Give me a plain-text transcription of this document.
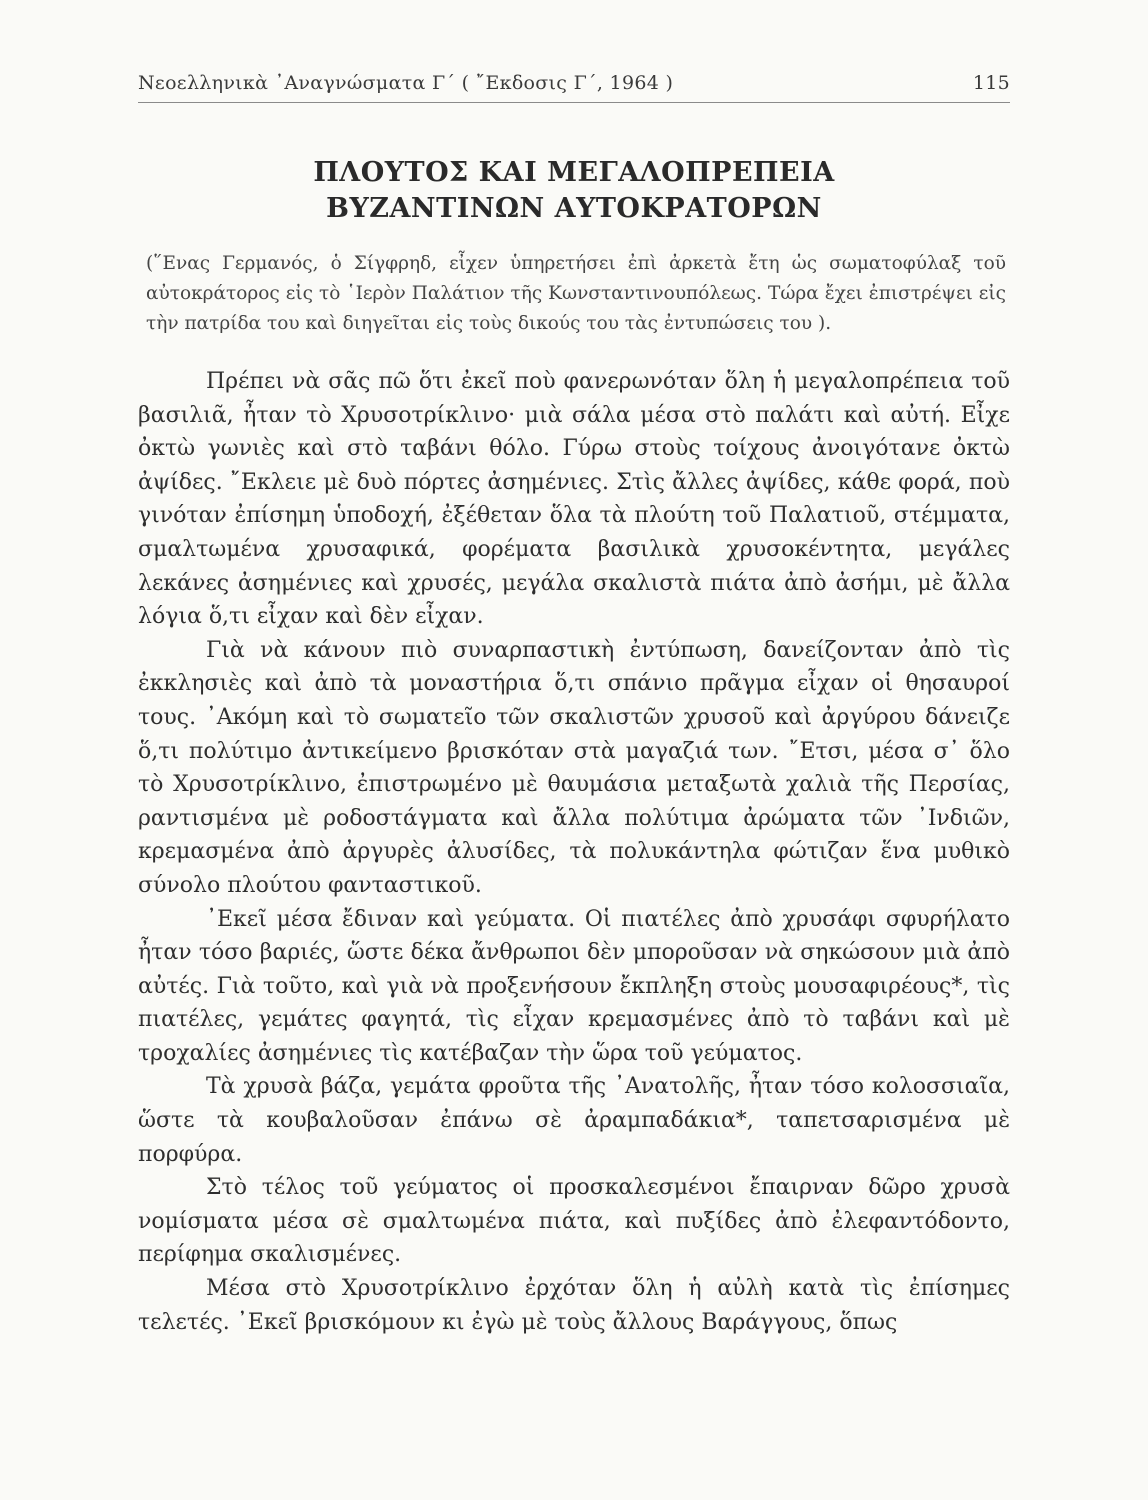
Νεοελληνικὰ ᾿Αναγνώσματα Γ΄ ( ῎Εκδοσις Γ΄, 1964 )	115
ΠΛΟΥΤΟΣ ΚΑΙ ΜΕΓΑΛΟΠΡΕΠΕΙΑ
ΒΥΖΑΝΤΙΝΩΝ ΑΥΤΟΚΡΑΤΟΡΩΝ
(῞Ενας Γερμανός, ὁ Σίγφρηδ, εἶχεν ὑπηρετήσει ἐπὶ ἀρκετὰ ἔτη ὡς σωματοφύλαξ τοῦ αὐτοκράτορος εἰς τὸ ῾Ιερὸν Παλάτιον τῆς Κωνσταντινουπόλεως. Τώρα ἔχει ἐπιστρέψει εἰς τὴν πατρίδα του καὶ διηγεῖται εἰς τοὺς δικούς του τὰς ἐντυπώσεις του ).

Πρέπει νὰ σᾶς πῶ ὅτι ἐκεῖ ποὺ φανερωνόταν ὅλη ἡ μεγαλοπρέπεια τοῦ βασιλιᾶ, ἦταν τὸ Χρυσοτρίκλινο· μιὰ σάλα μέσα στὸ παλάτι καὶ αὐτή. Εἶχε ὀκτὼ γωνιὲς καὶ στὸ ταβάνι θόλο. Γύρω στοὺς τοίχους ἀνοιγότανε ὀκτὼ ἀψίδες. ῎Εκλειε μὲ δυὸ πόρτες ἀσημένιες. Στὶς ἄλλες ἀψίδες, κάθε φορά, ποὺ γινόταν ἐπίσημη ὑποδοχή, ἐξέθεταν ὅλα τὰ πλούτη τοῦ Παλατιοῦ, στέμματα, σμαλτωμένα χρυσαφικά, φορέματα βασιλικὰ χρυσοκέντητα, μεγάλες λεκάνες ἀσημένιες καὶ χρυσές, μεγάλα σκαλιστὰ πιάτα ἀπὸ ἀσήμι, μὲ ἄλλα λόγια ὅ,τι εἶχαν καὶ δὲν εἶχαν.

Γιὰ νὰ κάνουν πιὸ συναρπαστικὴ ἐντύπωση, δανείζονταν ἀπὸ τὶς ἐκκλησιὲς καὶ ἀπὸ τὰ μοναστήρια ὅ,τι σπάνιο πρᾶγμα εἶχαν οἱ θησαυροί τους. ᾿Ακόμη καὶ τὸ σωματεῖο τῶν σκαλιστῶν χρυσοῦ καὶ ἀργύρου δάνειζε ὅ,τι πολύτιμο ἀντικείμενο βρισκόταν στὰ μαγαζιά των. ῎Ετσι, μέσα σ᾿ ὅλο τὸ Χρυσοτρίκλινο, ἐπιστρωμένο μὲ θαυμάσια μεταξωτὰ χαλιὰ τῆς Περσίας, ραντισμένα μὲ ροδοστάγματα καὶ ἄλλα πολύτιμα ἀρώματα τῶν ᾿Ινδιῶν, κρεμασμένα ἀπὸ ἀργυρὲς ἀλυσίδες, τὰ πολυκάντηλα φώτιζαν ἕνα μυθικὸ σύνολο πλούτου φανταστικοῦ.

᾿Εκεῖ μέσα ἔδιναν καὶ γεύματα. Οἱ πιατέλες ἀπὸ χρυσάφι σφυρήλατο ἦταν τόσο βαριές, ὥστε δέκα ἄνθρωποι δὲν μποροῦσαν νὰ σηκώσουν μιὰ ἀπὸ αὐτές. Γιὰ τοῦτο, καὶ γιὰ νὰ προξενήσουν ἔκπληξη στοὺς μουσαφιρέους*, τὶς πιατέλες, γεμάτες φαγητά, τὶς εἶχαν κρεμασμένες ἀπὸ τὸ ταβάνι καὶ μὲ τροχαλίες ἀσημένιες τὶς κατέβαζαν τὴν ὥρα τοῦ γεύματος.

Τὰ χρυσὰ βάζα, γεμάτα φροῦτα τῆς ᾿Ανατολῆς, ἦταν τόσο κολοσσιαῖα, ὥστε τὰ κουβαλοῦσαν ἐπάνω σὲ ἀραμπαδάκια*, ταπετσαρισμένα μὲ πορφύρα.

Στὸ τέλος τοῦ γεύματος οἱ προσκαλεσμένοι ἔπαιρναν δῶρο χρυσὰ νομίσματα μέσα σὲ σμαλτωμένα πιάτα, καὶ πυξίδες ἀπὸ ἐλεφαντόδοντο, περίφημα σκαλισμένες.

Μέσα στὸ Χρυσοτρίκλινο ἐρχόταν ὅλη ἡ αὐλὴ κατὰ τὶς ἐπίσημες τελετές. ᾿Εκεῖ βρισκόμουν κι ἐγὼ μὲ τοὺς ἄλλους Βαράγγους, ὅπως
